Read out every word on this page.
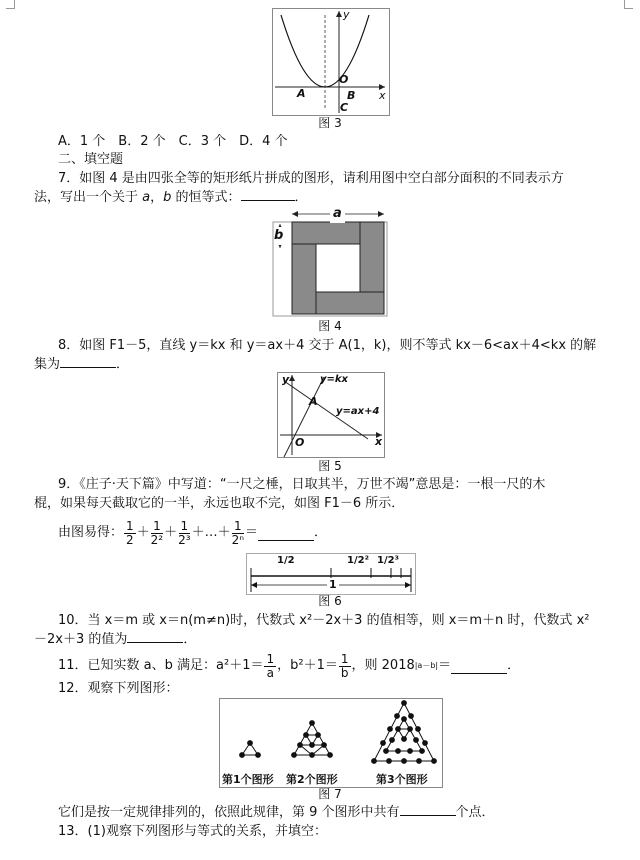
y
x
O
A	B
C
图 3
A．1 个　B．2 个　C．3 个　D．4 个
二、填空题
7．如图 4 是由四张全等的矩形纸片拼成的图形，请利用图中空白部分面积的不同表示方
法，写出一个关于 a，b 的恒等式：	．
a
b
图 4
8．如图 F1－5，直线 y＝kx 和 y＝ax＋4 交于 A(1，k)，则不等式 kx－6<ax＋4<kx 的解
集为	．
y
x
O
A
y=kx
y=ax+4
图 5
9．《庄子·天下篇》中写道：“一尺之棰，日取其半，万世不竭”意思是：一根一尺的木
棍，如果每天截取它的一半，永远也取不完，如图 F1－6 所示．
由图易得： $\frac{1}{2} + \frac{1}{\text{2²}} + \frac{1}{\text{2³}}$ ＋…＋ $\frac{1}{\text{2ⁿ}}$ ＝	．
1/2	1/2² 1/2³
1
图 6
10．当 x＝m 或 x＝n(m≠n)时，代数式 x²－2x＋3 的值相等，则 x＝m＋n 时，代数式 x²
－2x＋3 的值为	．
11．已知实数 a、b 满足：$a^2+1= \frac{1}{a}$ ，$b^2+1= \frac{1}{b}$ ，则 2018 |a－b| ＝	．
12．观察下列图形：
第1个图形 第2个图形	第3个图形
图 7
它们是按一定规律排列的，依照此规律，第 9 个图形中共有	个点．
13．(1)观察下列图形与等式的关系，并填空：
